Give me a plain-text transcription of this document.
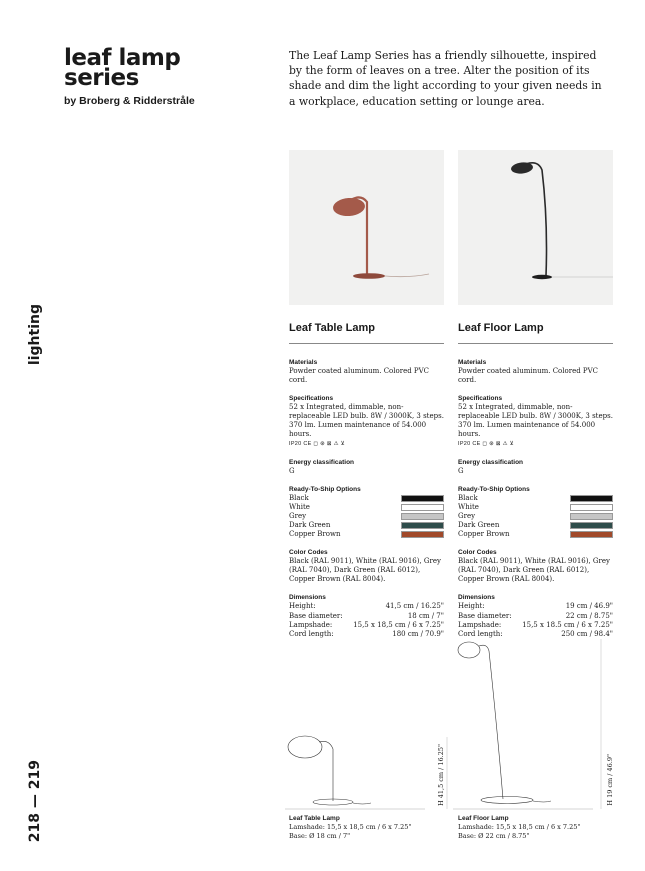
leaf lamp
series
by Broberg & Ridderstråle
The Leaf Lamp Series has a friendly silhouette, inspired by the form of leaves on a tree. Alter the position of its shade and dim the light according to your given needs in a workplace, education setting or lounge area.
lighting
218 — 219
Leaf Table Lamp
Materials
Powder coated aluminum. Colored PVC cord.
Specifications
52 x Integrated, dimmable, non-replaceable LED bulb. 8W / 3000K, 3 steps. 370 lm. Lumen maintenance of 54.000 hours.
IP20 CE ◻ ⊛ ⊠ ⚠ ⊻
Energy classification
G
Ready-To-Ship Options
Black
White
Grey
Dark Green
Copper Brown
Color Codes
Black (RAL 9011), White (RAL 9016), Grey (RAL 7040), Dark Green (RAL 6012), Copper Brown (RAL 8004).
Dimensions
Height:	41,5 cm / 16.25"
Base diameter:	18 cm / 7"
Lampshade:	15,5 x 18,5 cm / 6 x 7.25"
Cord length:	180 cm / 70.9"
Leaf Floor Lamp
Materials
Powder coated aluminum. Colored PVC cord.
Specifications
52 x Integrated, dimmable, non-replaceable LED bulb. 8W / 3000K, 3 steps. 370 lm. Lumen maintenance of 54.000 hours.
IP20 CE ◻ ⊛ ⊠ ⚠ ⊻
Energy classification
G
Ready-To-Ship Options
Black
White
Grey
Dark Green
Copper Brown
Color Codes
Black (RAL 9011), White (RAL 9016), Grey (RAL 7040), Dark Green (RAL 6012), Copper Brown (RAL 8004).
Dimensions
Height:	19 cm / 46.9"
Base diameter:	22 cm / 8.75"
Lampshade:	15,5 x 18.5 cm / 6 x 7.25"
Cord length:	250 cm / 98.4"
H 41,5 cm / 16.25"	H 19 cm / 46.9"
Leaf Table Lamp
Lamshade: 15,5 x 18,5 cm / 6 x 7.25"
Base: Ø 18 cm / 7"
Leaf Floor Lamp
Lamshade: 15,5 x 18,5 cm / 6 x 7.25"
Base: Ø 22 cm / 8.75"
